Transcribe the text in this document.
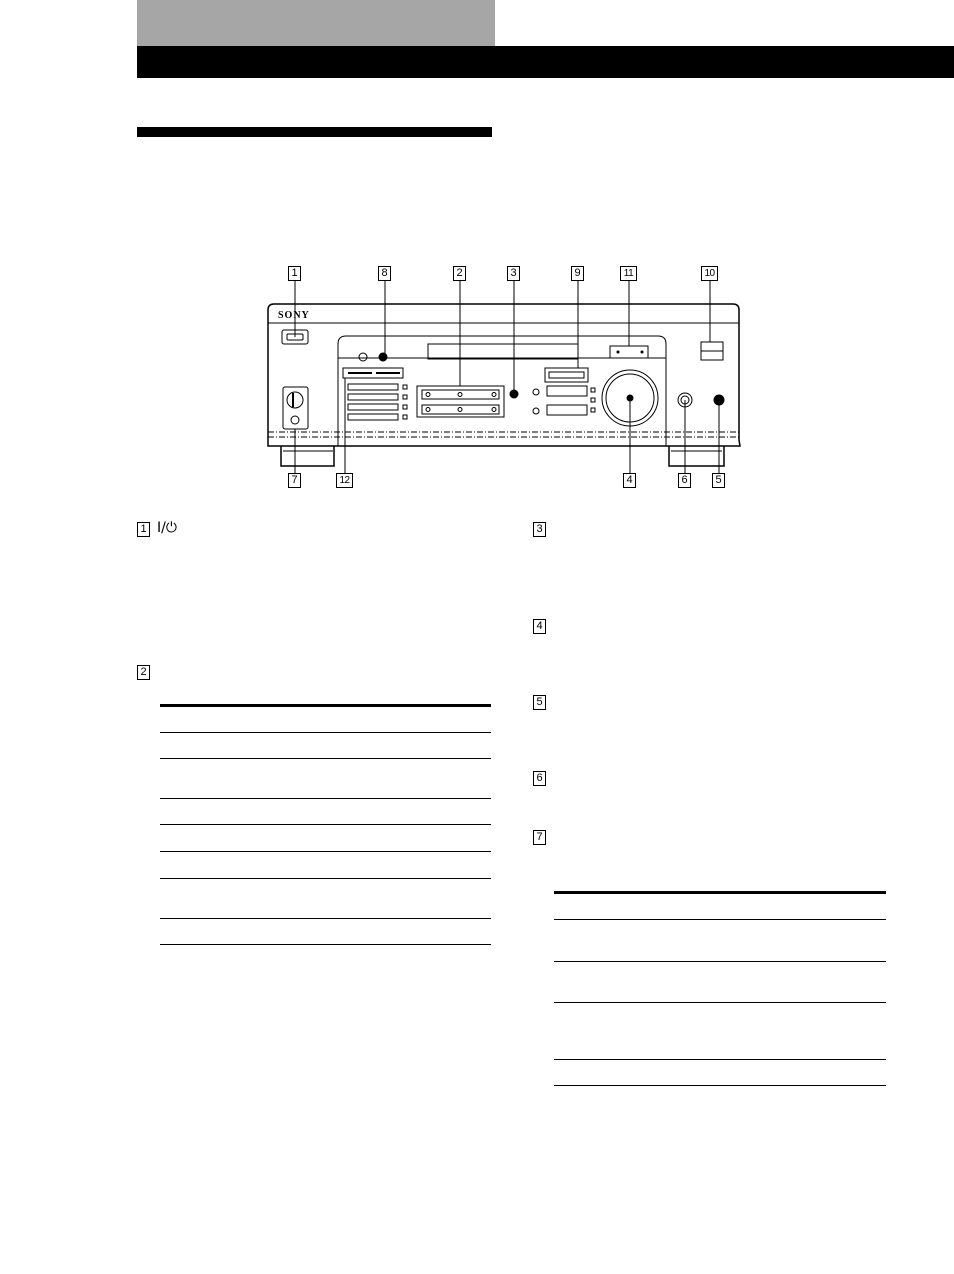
SONY
1	8	2	3	9	11	10
7	12	4	6	5
1 I/⏻
2
3
4
5
6
7
